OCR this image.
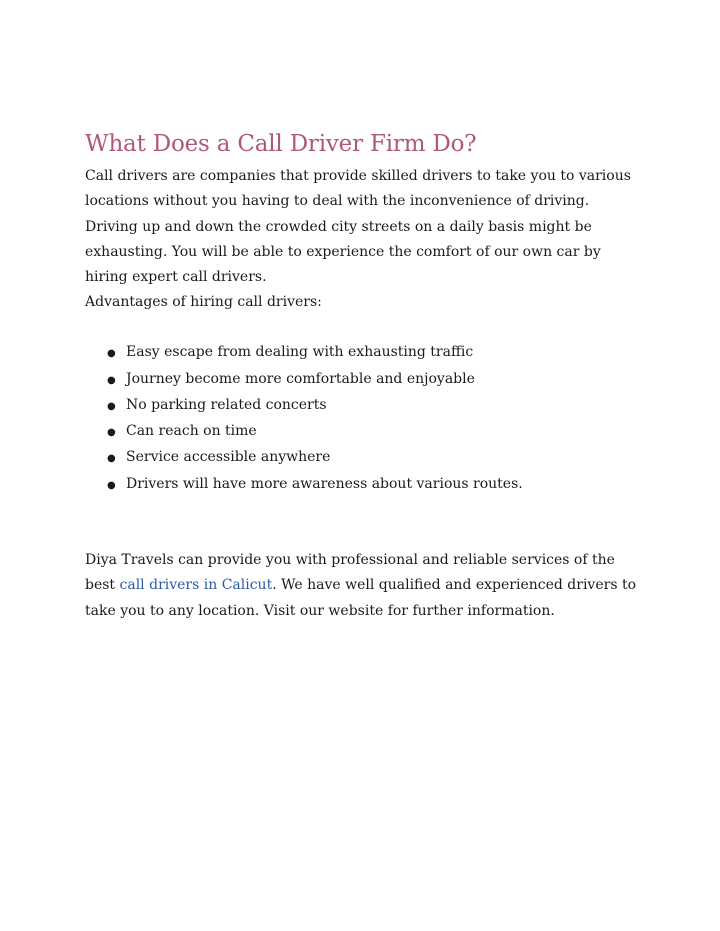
What Does a Call Driver Firm Do?

Call drivers are companies that provide skilled drivers to take you to various locations without you having to deal with the inconvenience of driving. Driving up and down the crowded city streets on a daily basis might be exhausting. You will be able to experience the comfort of our own car by hiring expert call drivers.

Advantages of hiring call drivers:

● Easy escape from dealing with exhausting traffic
● Journey become more comfortable and enjoyable
● No parking related concerts
● Can reach on time
● Service accessible anywhere
● Drivers will have more awareness about various routes.

Diya Travels can provide you with professional and reliable services of the best call drivers in Calicut. We have well qualified and experienced drivers to take you to any location. Visit our website for further information.
